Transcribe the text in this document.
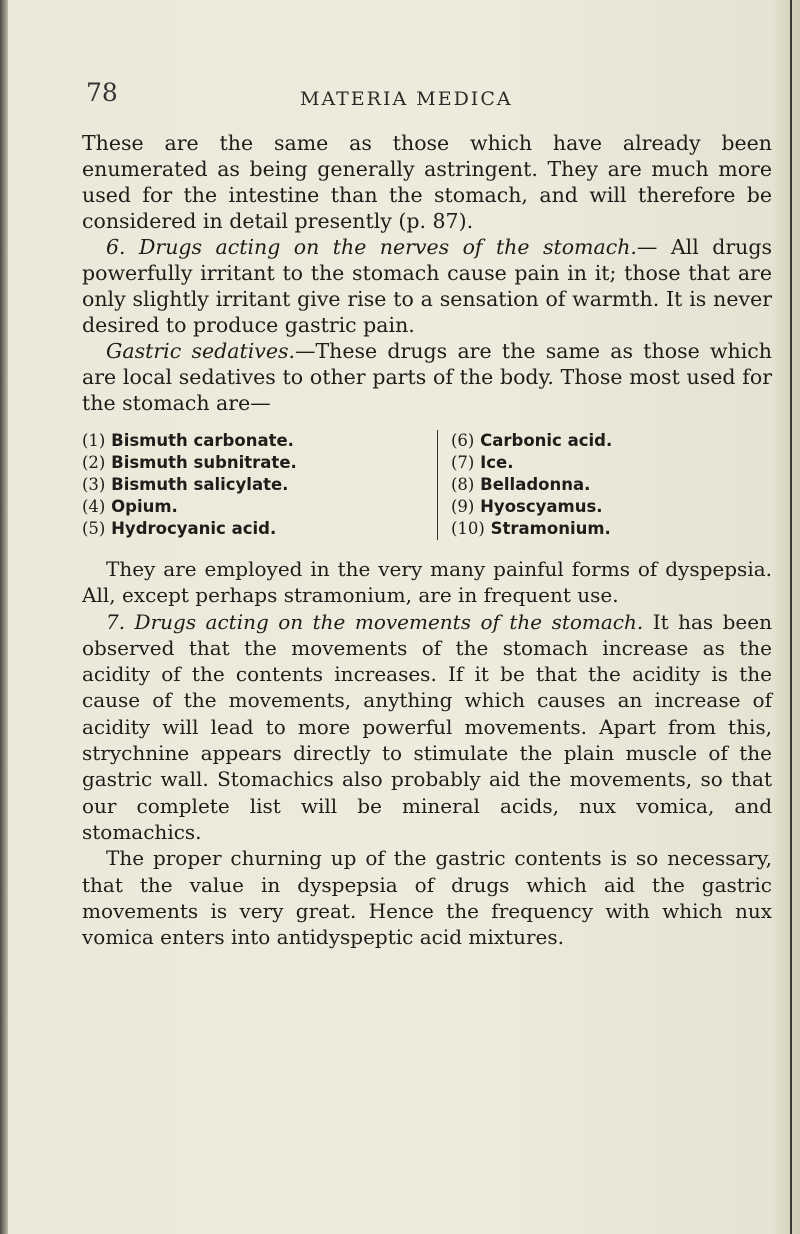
78	MATERIA MEDICA

These are the same as those which have already been enumerated as being generally astringent. They are much more used for the intestine than the stomach, and will therefore be considered in detail presently (p. 87).

6. Drugs acting on the nerves of the stomach.— All drugs powerfully irritant to the stomach cause pain in it; those that are only slightly irritant give rise to a sensation of warmth. It is never desired to produce gastric pain.

Gastric sedatives.—These drugs are the same as those which are local sedatives to other parts of the body. Those most used for the stomach are—

(1) Bismuth carbonate.
(2) Bismuth subnitrate.
(3) Bismuth salicylate.
(4) Opium.
(5) Hydrocyanic acid.
(6) Carbonic acid.
(7) Ice.
(8) Belladonna.
(9) Hyoscyamus.
(10) Stramonium.

They are employed in the very many painful forms of dyspepsia. All, except perhaps stramonium, are in frequent use.

7. Drugs acting on the movements of the stomach. It has been observed that the movements of the stomach increase as the acidity of the contents increases. If it be that the acidity is the cause of the movements, anything which causes an increase of acidity will lead to more powerful movements. Apart from this, strychnine appears directly to stimulate the plain muscle of the gastric wall. Stomachics also probably aid the movements, so that our complete list will be mineral acids, nux vomica, and stomachics.

The proper churning up of the gastric contents is so necessary, that the value in dyspepsia of drugs which aid the gastric movements is very great. Hence the frequency with which nux vomica enters into antidyspeptic acid mixtures.
